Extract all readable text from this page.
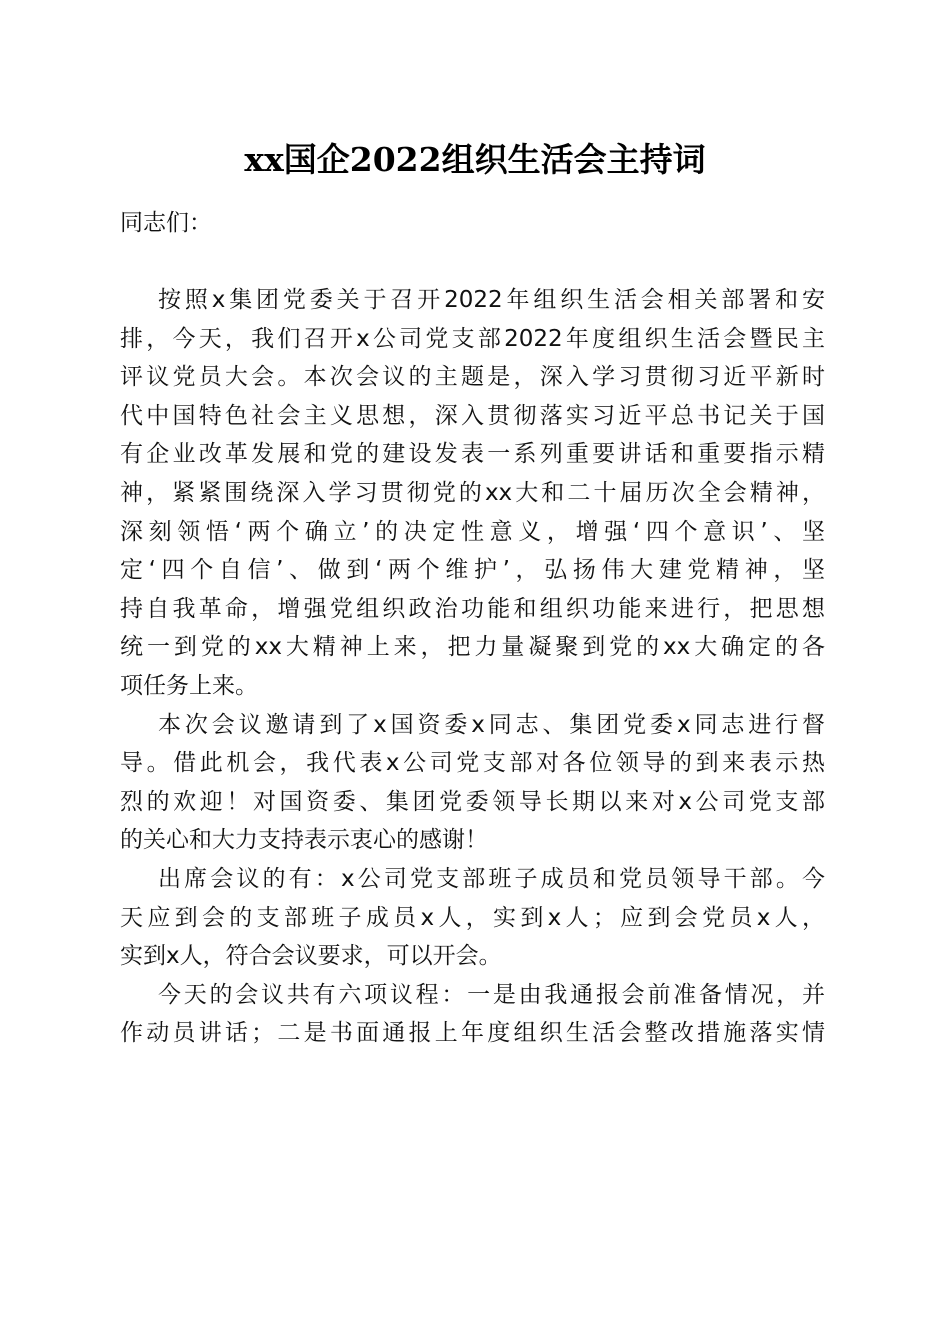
xx国企2022组织生活会主持词
同志们：
按照x集团党委关于召开2022年组织生活会相关部署和安
排，今天，我们召开x公司党支部2022年度组织生活会暨民主
评议党员大会。本次会议的主题是，深入学习贯彻习近平新时
代中国特色社会主义思想，深入贯彻落实习近平总书记关于国
有企业改革发展和党的建设发表一系列重要讲话和重要指示精
神，紧紧围绕深入学习贯彻党的xx大和二十届历次全会精神，
深刻领悟‘两个确立’的决定性意义，增强‘四个意识’、坚
定‘四个自信’、做到‘两个维护’，弘扬伟大建党精神，坚
持自我革命，增强党组织政治功能和组织功能来进行，把思想
统一到党的xx大精神上来，把力量凝聚到党的xx大确定的各
项任务上来。
本次会议邀请到了x国资委x同志、集团党委x同志进行督
导。借此机会，我代表x公司党支部对各位领导的到来表示热
烈的欢迎！对国资委、集团党委领导长期以来对x公司党支部
的关心和大力支持表示衷心的感谢！
出席会议的有：x公司党支部班子成员和党员领导干部。今
天应到会的支部班子成员x人，实到x人；应到会党员x人，
实到x人，符合会议要求，可以开会。
今天的会议共有六项议程：一是由我通报会前准备情况，并
作动员讲话；二是书面通报上年度组织生活会整改措施落实情
